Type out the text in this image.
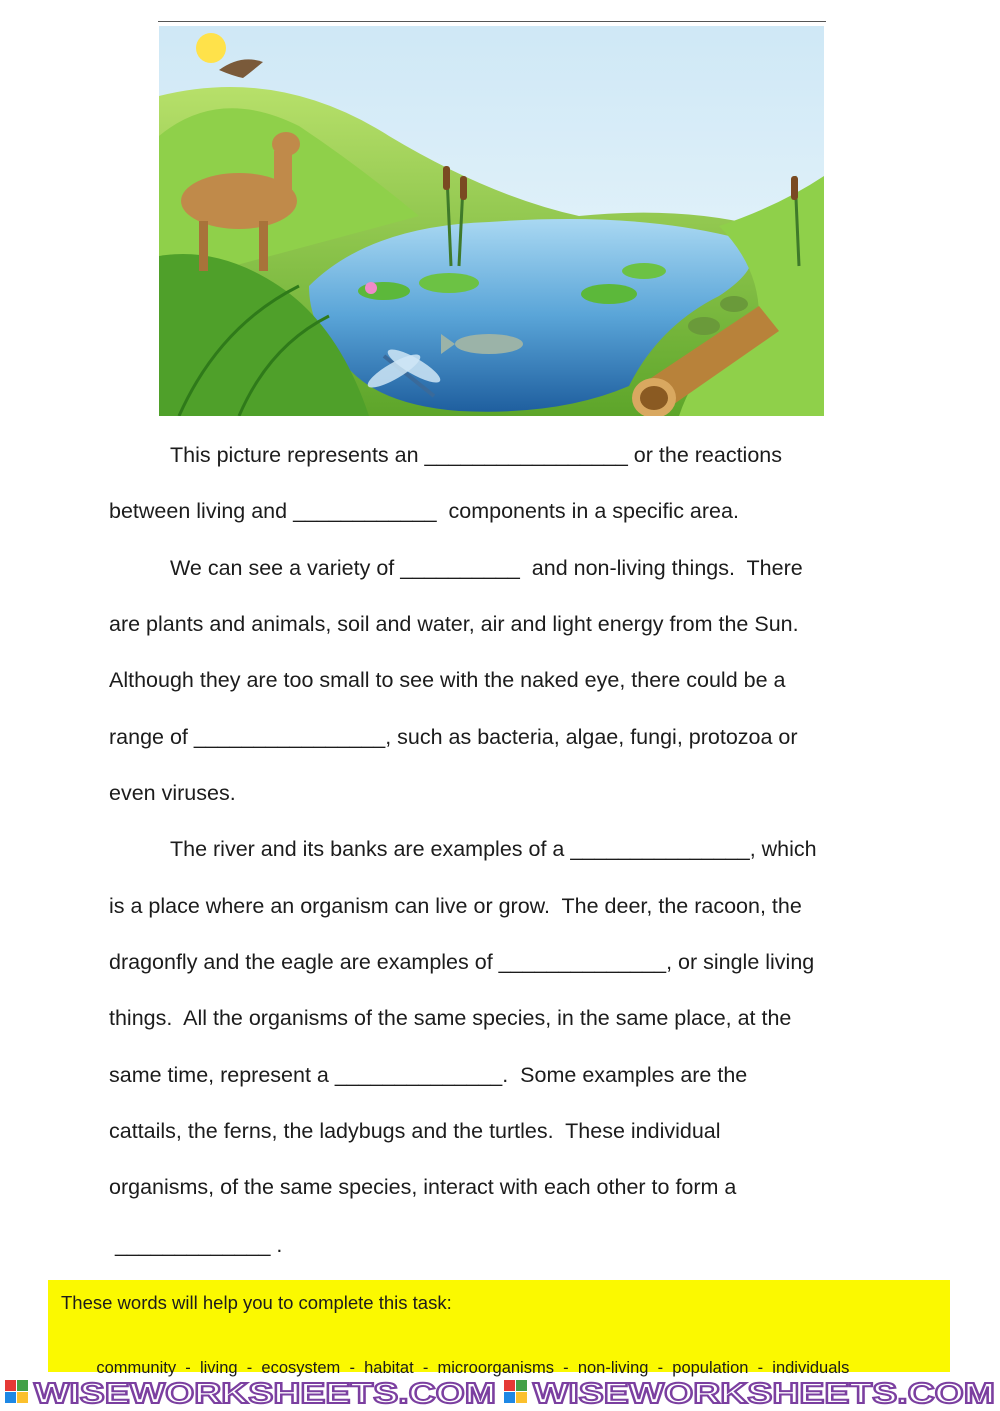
This picture represents an _________________ or the reactions
between living and ____________  components in a specific area.
We can see a variety of __________  and non-living things.  There
are plants and animals, soil and water, air and light energy from the Sun.
Although they are too small to see with the naked eye, there could be a
range of ________________, such as bacteria, algae, fungi, protozoa or
even viruses.
The river and its banks are examples of a _______________, which
is a place where an organism can live or grow.  The deer, the racoon, the
dragonfly and the eagle are examples of ______________, or single living
things.  All the organisms of the same species, in the same place, at the
same time, represent a ______________.  Some examples are the
cattails, the ferns, the ladybugs and the turtles.  These individual
organisms, of the same species, interact with each other to form a
_____________ .
These words will help you to complete this task:

community  -  living  -  ecosystem  -  habitat  -  microorganisms  -  non-living  -  population  -  individuals

WISEWORKSHEETS.COM WISEWORKSHEETS.COM
